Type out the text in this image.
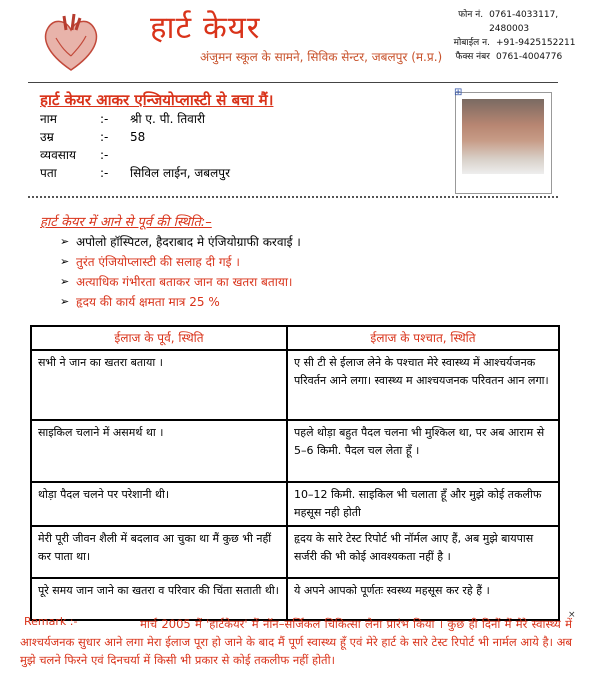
हार्ट केयर
अंजुमन स्कूल के सामने, सिविक सेन्टर, जबलपुर (म.प्र.)
फोन नं. 0761-4033117, 2480003
मोबाईल न. +91-9425152211
फैक्स नंबर 0761-4004776
हार्ट केयर आकर एन्जियोप्लास्टी से बचा मैं।
नाम	:-	श्री ए. पी. तिवारी
उम्र	:-	58
व्यवसाय	:-
पता	:-	सिविल लाईन, जबलपुर
⊞
हार्ट केयर में आने से पूर्व की स्थिति:–
➢ अपोलो हॉस्पिटल, हैदराबाद मे एंजियोग्राफी करवाई ।
➢ तुरंत एंजियोप्लास्टी की सलाह दी गई ।
➢ अत्याधिक गंभीरता बताकर जान का खतरा बताया।
➢ हृदय की कार्य क्षमता मात्र 25 %
ईलाज के पूर्व, स्थिति	ईलाज के पश्चात, स्थिति
सभी ने जान का खतरा बताया ।	ए सी टी से ईलाज लेने के पश्चात मेरे स्वास्थ्य में आश्चर्यजनक परिवर्तन आने लगा। स्वास्थ्य म आश्चयजनक परिवतन आन लगा।
साइकिल चलाने में असमर्थ था ।	पहले थोड़ा बहुत पैदल चलना भी मुश्किल था, पर अब आराम से 5–6 किमी. पैदल चल लेता हूँ ।
थोड़ा पैदल चलने पर परेशानी थी।	10–12 किमी. साइकिल भी चलाता हूँ और मुझे कोई तकलीफ महसूस नही होती
मेरी पूरी जीवन शैली में बदलाव आ चुका था मैं कुछ भी नहीं कर पाता था।	हृदय के सारे टेस्ट रिपोर्ट भी नॉर्मल आए हैं, अब मुझे बायपास सर्जरी की भी कोई आवश्यकता नहीं है ।
पूरे समय जान जाने का खतरा व परिवार की चिंता सताती थी।	ये अपने आपको पूर्णतः स्वस्थ्य महसूस कर रहे हैं ।
मार्च 2005 में 'हार्टकेयर' में नॉन–सर्जिकल चिकित्सा लेना प्रारंभ किया । कुछ ही दिनों में मेरे स्वास्थ्य में आश्चर्यजनक सुधार आने लगा मेरा ईलाज पूरा हो जाने के बाद मैं पूर्ण स्वास्थ्य हूँ एवं मेरे हार्ट के सारे टेस्ट रिपोर्ट भी नार्मल आये है। अब मुझे चलने फिरने एवं दिनचर्या में किसी भी प्रकार से कोई तकलीफ नहीं होती।
Remark :-	×
